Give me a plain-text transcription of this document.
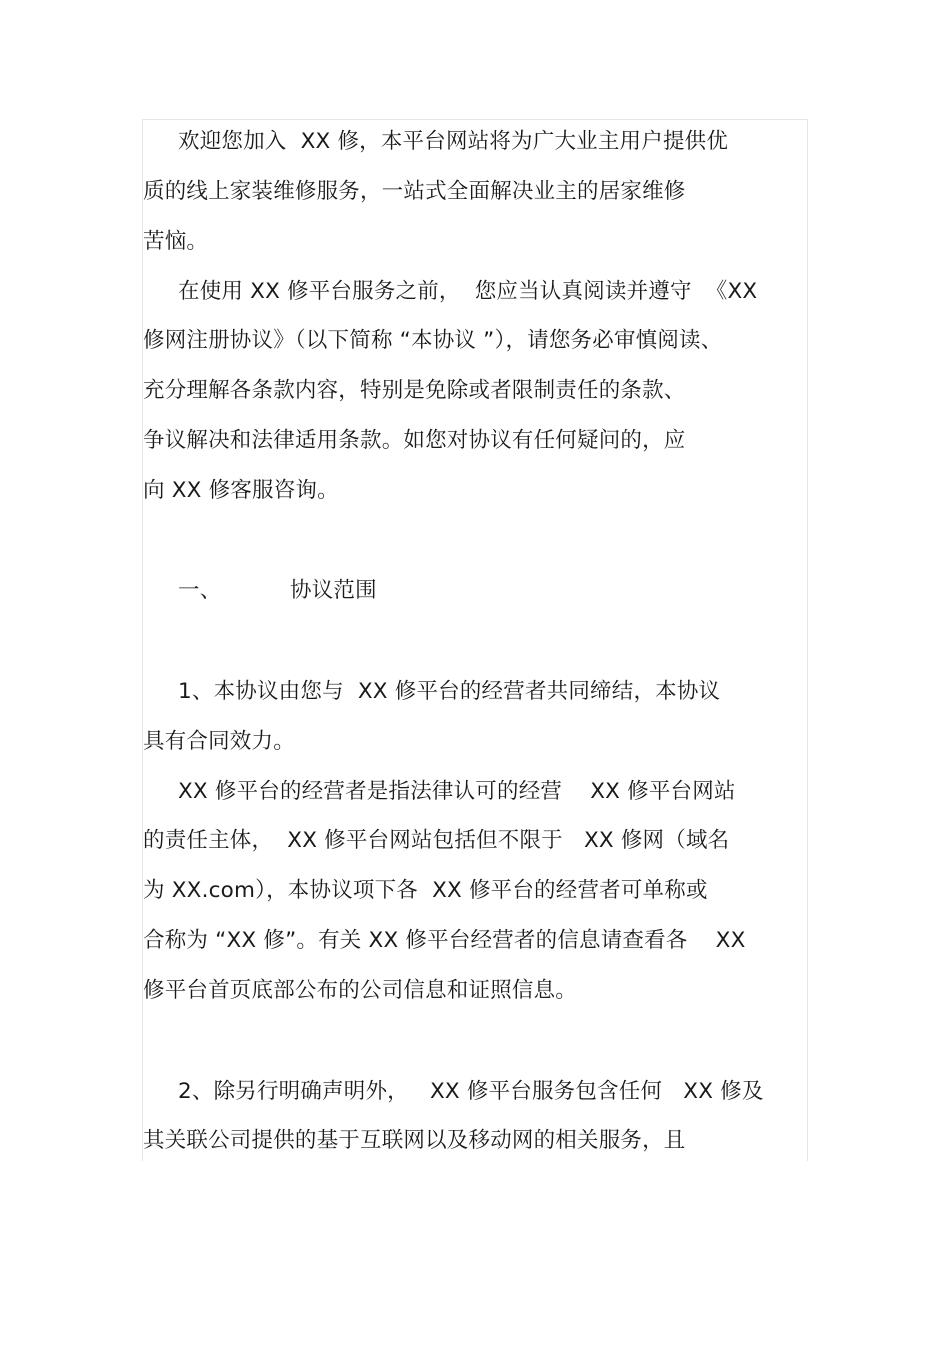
欢迎您加入  XX 修，本平台网站将为广大业主用户提供优
质的线上家装维修服务，一站式全面解决业主的居家维修
苦恼。
在使用 XX 修平台服务之前，  您应当认真阅读并遵守  《XX
修网注册协议》（以下简称 “本协议 ”），请您务必审慎阅读、
充分理解各条款内容，特别是免除或者限制责任的条款、
争议解决和法律适用条款。如您对协议有任何疑问的，应
向 XX 修客服咨询。
一、	协议范围
1、本协议由您与  XX 修平台的经营者共同缔结，本协议
具有合同效力。
XX 修平台的经营者是指法律认可的经营    XX 修平台网站
的责任主体，  XX 修平台网站包括但不限于   XX 修网（域名
为 XX.com），本协议项下各  XX 修平台的经营者可单称或
合称为 “XX 修”。有关 XX 修平台经营者的信息请查看各    XX
修平台首页底部公布的公司信息和证照信息。
2、除另行明确声明外，   XX 修平台服务包含任何   XX 修及
其关联公司提供的基于互联网以及移动网的相关服务，且
